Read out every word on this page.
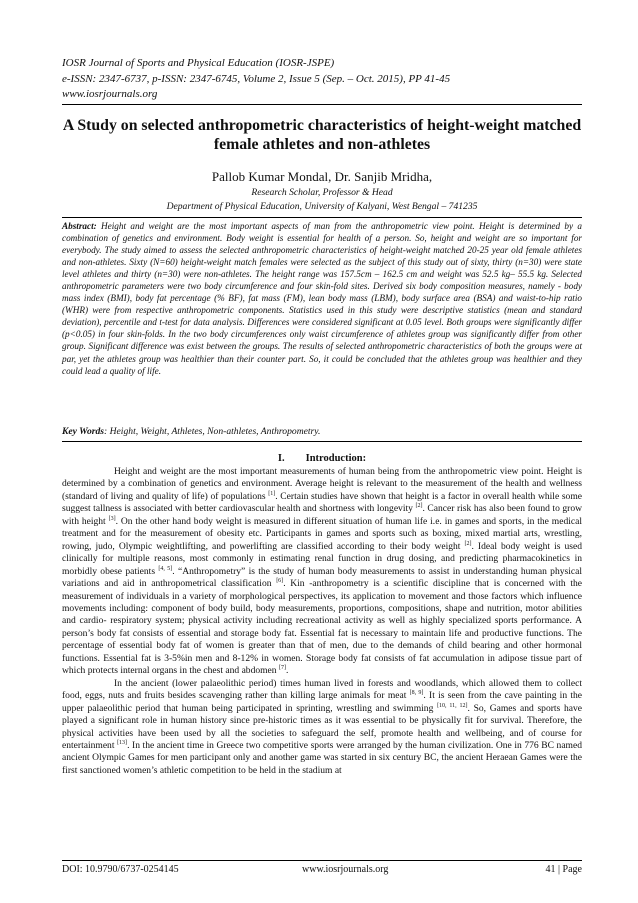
IOSR Journal of Sports and Physical Education (IOSR-JSPE)
e-ISSN: 2347-6737, p-ISSN: 2347-6745, Volume 2, Issue 5 (Sep. – Oct. 2015), PP 41-45
www.iosrjournals.org
A Study on selected anthropometric characteristics of height-weight matched female athletes and non-athletes
Pallob Kumar Mondal, Dr. Sanjib Mridha,
Research Scholar, Professor & Head
Department of Physical Education, University of Kalyani, West Bengal – 741235
Abstract: Height and weight are the most important aspects of man from the anthropometric view point. Height is determined by a combination of genetics and environment. Body weight is essential for health of a person. So, height and weight are so important for everybody. The study aimed to assess the selected anthropometric characteristics of height-weight matched 20-25 year old female athletes and non-athletes. Sixty (N=60) height-weight match females were selected as the subject of this study out of sixty, thirty (n=30) were state level athletes and thirty (n=30) were non-athletes. The height range was 157.5cm – 162.5 cm and weight was 52.5 kg– 55.5 kg. Selected anthropometric parameters were two body circumference and four skin-fold sites. Derived six body composition measures, namely - body mass index (BMI), body fat percentage (% BF), fat mass (FM), lean body mass (LBM), body surface area (BSA) and waist-to-hip ratio (WHR) were from respective anthropometric components. Statistics used in this study were descriptive statistics (mean and standard deviation), percentile and t-test for data analysis. Differences were considered significant at 0.05 level. Both groups were significantly differ (p<0.05) in four skin-folds. In the two body circumferences only waist circumference of athletes group was significantly differ from other group. Significant difference was exist between the groups. The results of selected anthropometric characteristics of both the groups were at par, yet the athletes group was healthier than their counter part. So, it could be concluded that the athletes group was healthier and they could lead a quality of life.
Key Words: Height, Weight, Athletes, Non-athletes, Anthropometry.
I.        Introduction:

Height and weight are the most important measurements of human being from the anthropometric view point. Height is determined by a combination of genetics and environment. Average height is relevant to the measurement of the health and wellness (standard of living and quality of life) of populations [1]. Certain studies have shown that height is a factor in overall health while some suggest tallness is associated with better cardiovascular health and shortness with longevity [2]. Cancer risk has also been found to grow with height [3]. On the other hand body weight is measured in different situation of human life i.e. in games and sports, in the medical treatment and for the measurement of obesity etc. Participants in games and sports such as boxing, mixed martial arts, wrestling, rowing, judo, Olympic weightlifting, and powerlifting are classified according to their body weight [2]. Ideal body weight is used clinically for multiple reasons, most commonly in estimating renal function in drug dosing, and predicting pharmacokinetics in morbidly obese patients [4, 5]. “Anthropometry” is the study of human body measurements to assist in understanding human physical variations and aid in anthropometrical classification [6]. Kin -anthropometry is a scientific discipline that is concerned with the measurement of individuals in a variety of morphological perspectives, its application to movement and those factors which influence movements including: component of body build, body measurements, proportions, compositions, shape and nutrition, motor abilities and cardio- respiratory system; physical activity including recreational activity as well as highly specialized sports performance. A person’s body fat consists of essential and storage body fat. Essential fat is necessary to maintain life and productive functions. The percentage of essential body fat of women is greater than that of men, due to the demands of child bearing and other hormonal functions. Essential fat is 3-5%in men and 8-12% in women. Storage body fat consists of fat accumulation in adipose tissue part of which protects internal organs in the chest and abdomen [7].

In the ancient (lower palaeolithic period) times human lived in forests and woodlands, which allowed them to collect food, eggs, nuts and fruits besides scavenging rather than killing large animals for meat [8, 9]. It is seen from the cave painting in the upper palaeolithic period that human being participated in sprinting, wrestling and swimming [10, 11, 12]. So, Games and sports have played a significant role in human history since pre-historic times as it was essential to be physically fit for survival. Therefore, the physical activities have been used by all the societies to safeguard the self, promote health and wellbeing, and of course for entertainment [13]. In the ancient time in Greece two competitive sports were arranged by the human civilization. One in 776 BC named ancient Olympic Games for men participant only and another game was started in six century BC, the ancient Heraean Games were the first sanctioned women’s athletic competition to be held in the stadium at

DOI: 10.9790/6737-0254145	www.iosrjournals.org	41 | Page
